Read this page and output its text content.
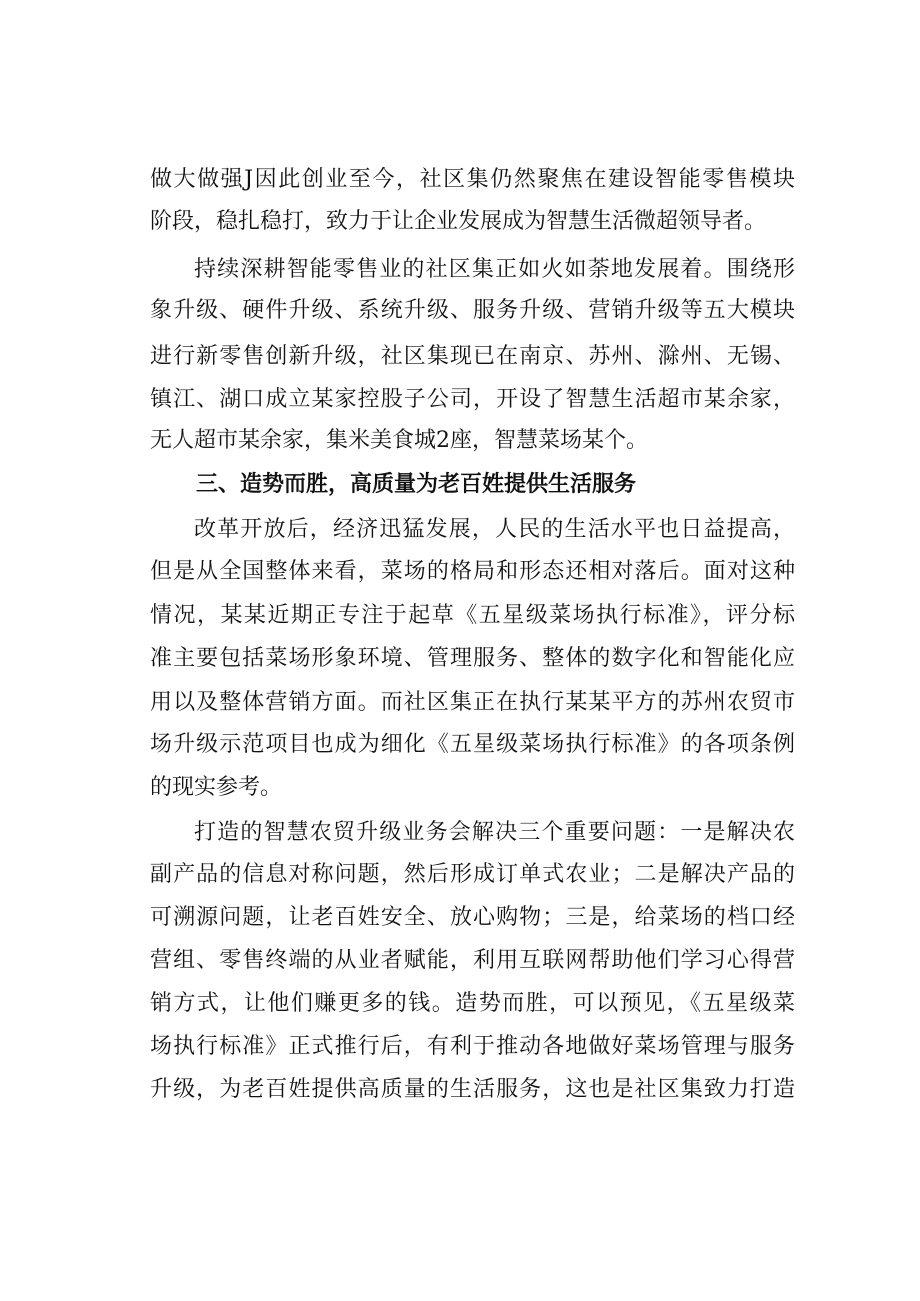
做大做强J因此创业至今，社区集仍然聚焦在建设智能零售模块
阶段，稳扎稳打，致力于让企业发展成为智慧生活微超领导者。
持续深耕智能零售业的社区集正如火如荼地发展着。围绕形
象升级、硬件升级、系统升级、服务升级、营销升级等五大模块
进行新零售创新升级，社区集现已在南京、苏州、滁州、无锡、
镇江、湖口成立某家控股子公司，开设了智慧生活超市某余家，
无人超市某余家，集米美食城2座，智慧菜场某个。
三、造势而胜，高质量为老百姓提供生活服务
改革开放后，经济迅猛发展，人民的生活水平也日益提高，
但是从全国整体来看，菜场的格局和形态还相对落后。面对这种
情况，某某近期正专注于起草《五星级菜场执行标准》，评分标
准主要包括菜场形象环境、管理服务、整体的数字化和智能化应
用以及整体营销方面。而社区集正在执行某某平方的苏州农贸市
场升级示范项目也成为细化《五星级菜场执行标准》的各项条例
的现实参考。
打造的智慧农贸升级业务会解决三个重要问题：一是解决农
副产品的信息对称问题，然后形成订单式农业；二是解决产品的
可溯源问题，让老百姓安全、放心购物；三是，给菜场的档口经
营组、零售终端的从业者赋能，利用互联网帮助他们学习心得营
销方式，让他们赚更多的钱。造势而胜，可以预见，《五星级菜
场执行标准》正式推行后，有利于推动各地做好菜场管理与服务
升级，为老百姓提供高质量的生活服务，这也是社区集致力打造
